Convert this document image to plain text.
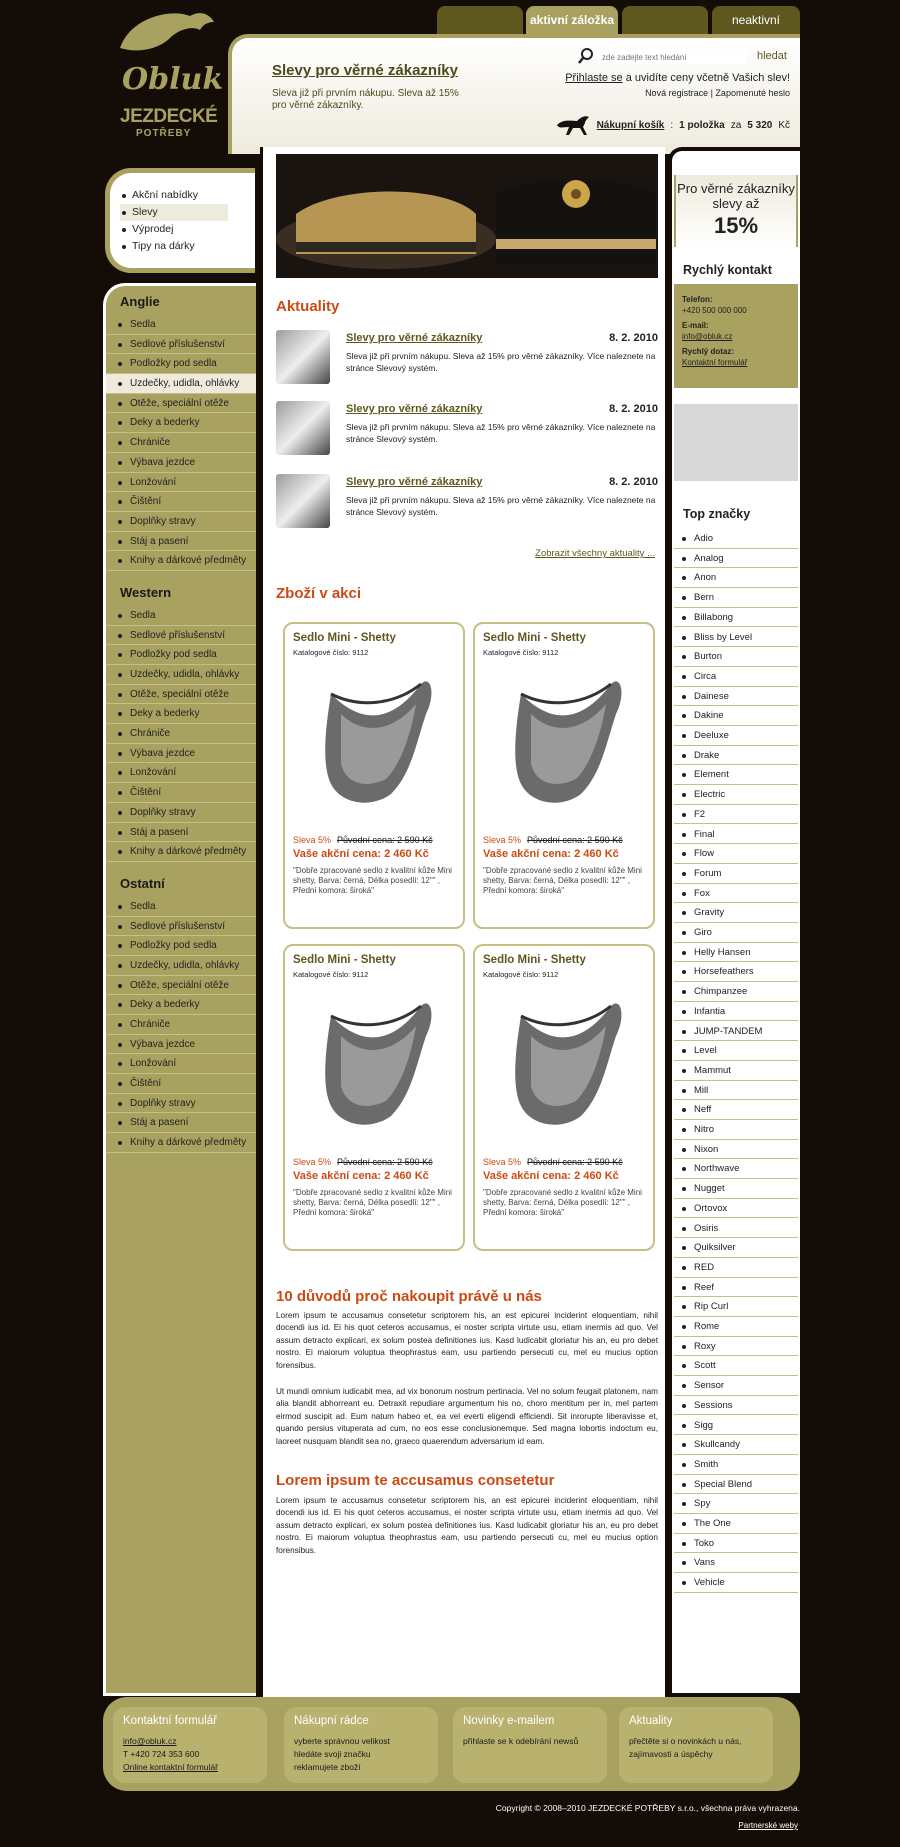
aktivní záložka	neaktivní
Obluk
JEZDECKÉ
POTŘEBY
Slevy pro věrné zákazníky
Sleva již při prvním nákupu. Sleva až 15% pro věrné zákazníky.
zde zadejte text hledání
hledat
Přihlaste se a uvidíte ceny včetně Vašich slev!
Nová registrace | Zapomenuté heslo
Nákupní košík : 1 položka za 5 320 Kč
Akční nabídky
Slevy
Výprodej
Tipy na dárky
Anglie
Sedla
Sedlové příslušenství
Podložky pod sedla
Uzdečky, udidla, ohlávky
Otěže, speciální otěže
Deky a bederky
Chrániče
Výbava jezdce
Lonžování
Čištění
Doplňky stravy
Stáj a pasení
Knihy a dárkové předměty
Western
Sedla
Sedlové příslušenství
Podložky pod sedla
Uzdečky, udidla, ohlávky
Otěže, speciální otěže
Deky a bederky
Chrániče
Výbava jezdce
Lonžování
Čištění
Doplňky stravy
Stáj a pasení
Knihy a dárkové předměty
Ostatní
Sedla
Sedlové příslušenství
Podložky pod sedla
Uzdečky, udidla, ohlávky
Otěže, speciální otěže
Deky a bederky
Chrániče
Výbava jezdce
Lonžování
Čištění
Doplňky stravy
Stáj a pasení
Knihy a dárkové předměty
Aktuality
Slevy pro věrné zákazníky	8. 2. 2010
Sleva již při prvním nákupu. Sleva až 15% pro věrné zákazníky. Více naleznete na stránce Slevový systém.
Slevy pro věrné zákazníky	8. 2. 2010
Sleva již při prvním nákupu. Sleva až 15% pro věrné zákazníky. Více naleznete na stránce Slevový systém.
Slevy pro věrné zákazníky	8. 2. 2010
Sleva již při prvním nákupu. Sleva až 15% pro věrné zákazníky. Více naleznete na stránce Slevový systém.
Zobrazit všechny aktuality ...
Zboží v akci
Sedlo Mini - Shetty
Katalogové číslo: 9112
Sleva 5% Původní cena: 2 590 Kč
Vaše akční cena: 2 460 Kč
"Dobře zpracované sedlo z kvalitní kůže Mini shetty, Barva: černá, Délka posedlí: 12"" , Přední komora: široká"
Sedlo Mini - Shetty
Katalogové číslo: 9112
Sleva 5% Původní cena: 2 590 Kč
Vaše akční cena: 2 460 Kč
"Dobře zpracované sedlo z kvalitní kůže Mini shetty, Barva: černá, Délka posedlí: 12"" , Přední komora: široká"
Sedlo Mini - Shetty
Katalogové číslo: 9112
Sleva 5% Původní cena: 2 590 Kč
Vaše akční cena: 2 460 Kč
"Dobře zpracované sedlo z kvalitní kůže Mini shetty, Barva: černá, Délka posedlí: 12"" , Přední komora: široká"
Sedlo Mini - Shetty
Katalogové číslo: 9112
Sleva 5% Původní cena: 2 590 Kč
Vaše akční cena: 2 460 Kč
"Dobře zpracované sedlo z kvalitní kůže Mini shetty, Barva: černá, Délka posedlí: 12"" , Přední komora: široká"
10 důvodů proč nakoupit právě u nás
Lorem ipsum te accusamus consetetur scriptorem his, an est epicurei inciderint eloquentiam, nihil docendi ius id. Ei his quot ceteros accusamus, ei noster scripta virtute usu, etiam inermis ad quo. Vel assum detracto explicari, ex solum postea definitiones ius. Kasd ludicabit gloriatur his an, eu pro debet nostro. Ei maiorum voluptua theophrastus eam, usu partiendo persecuti cu, mel eu mucius option forensibus.
Ut mundi omnium iudicabit mea, ad vix bonorum nostrum pertinacia. Vel no solum feugait platonem, nam alia blandit abhorreant eu. Detraxit repudiare argumentum his no, choro mentitum per in, mel partem eirmod suscipit ad. Eum natum habeo et, ea vel everti eligendi efficiendi. Sit inrorupte liberavisse et, quando persius vituperata ad cum, no eos esse conclusionemque. Sed magna lobortis indoctum eu, laoreet nusquam blandit sea no, graeco quaerendum adversarium id eam.
Lorem ipsum te accusamus consetetur
Lorem ipsum te accusamus consetetur scriptorem his, an est epicurei inciderint eloquentiam, nihil docendi ius id. Ei his quot ceteros accusamus, ei noster scripta virtute usu, etiam inermis ad quo. Vel assum detracto explicari, ex solum postea definitiones ius. Kasd ludicabit gloriatur his an, eu pro debet nostro. Ei maiorum voluptua theophrastus eam, usu partiendo persecuti cu, mel eu mucius option forensibus.
Pro věrné zákazníky slevy až
15%
Rychlý kontakt
Telefon:
+420 500 000 000
E-mail:
info@obluk.cz
Rychlý dotaz:
Kontaktní formulář
Top značky
Adio
Analog
Anon
Bern
Billabong
Bliss by Level
Burton
Circa
Dainese
Dakine
Deeluxe
Drake
Element
Electric
F2
Final
Flow
Forum
Fox
Gravity
Giro
Helly Hansen
Horsefeathers
Chimpanzee
Infantia
JUMP-TANDEM
Level
Mammut
Mill
Neff
Nitro
Nixon
Northwave
Nugget
Ortovox
Osiris
Quiksilver
RED
Reef
Rip Curl
Rome
Roxy
Scott
Sensor
Sessions
Sigg
Skullcandy
Smith
Special Blend
Spy
The One
Toko
Vans
Vehicle
Kontaktní formulář
info@obluk.cz
T +420 724 353 600
Online kontaktní formulář
Nákupní rádce
vyberte správnou velikost
hledáte svoji značku
reklamujete zboží
Novinky e-mailem
přihlaste se k odebírání newsů
Aktuality
přečtěte si o novinkách u nás,
zajímavosti a úspěchy
Copyright © 2008–2010 JEZDECKÉ POTŘEBY s.r.o., všechna práva vyhrazena.
Partnerské weby
